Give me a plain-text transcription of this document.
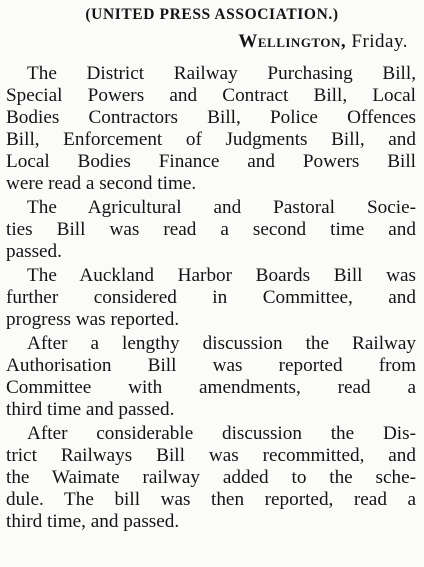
(UNITED PRESS ASSOCIATION.)
Wellington, Friday.
The District Railway Purchasing Bill,
Special Powers and Contract Bill, Local
Bodies Contractors Bill, Police Offences
Bill, Enforcement of Judgments Bill, and
Local Bodies Finance and Powers Bill
were read a second time.
The Agricultural and Pastoral Socie-
ties Bill was read a second time and
passed.
The Auckland Harbor Boards Bill was
further considered in Committee, and
progress was reported.
After a lengthy discussion the Railway
Authorisation Bill was reported from
Committee with amendments, read a
third time and passed.
After considerable discussion the Dis-
trict Railways Bill was recommitted, and
the Waimate railway added to the sche-
dule. The bill was then reported, read a
third time, and passed.
